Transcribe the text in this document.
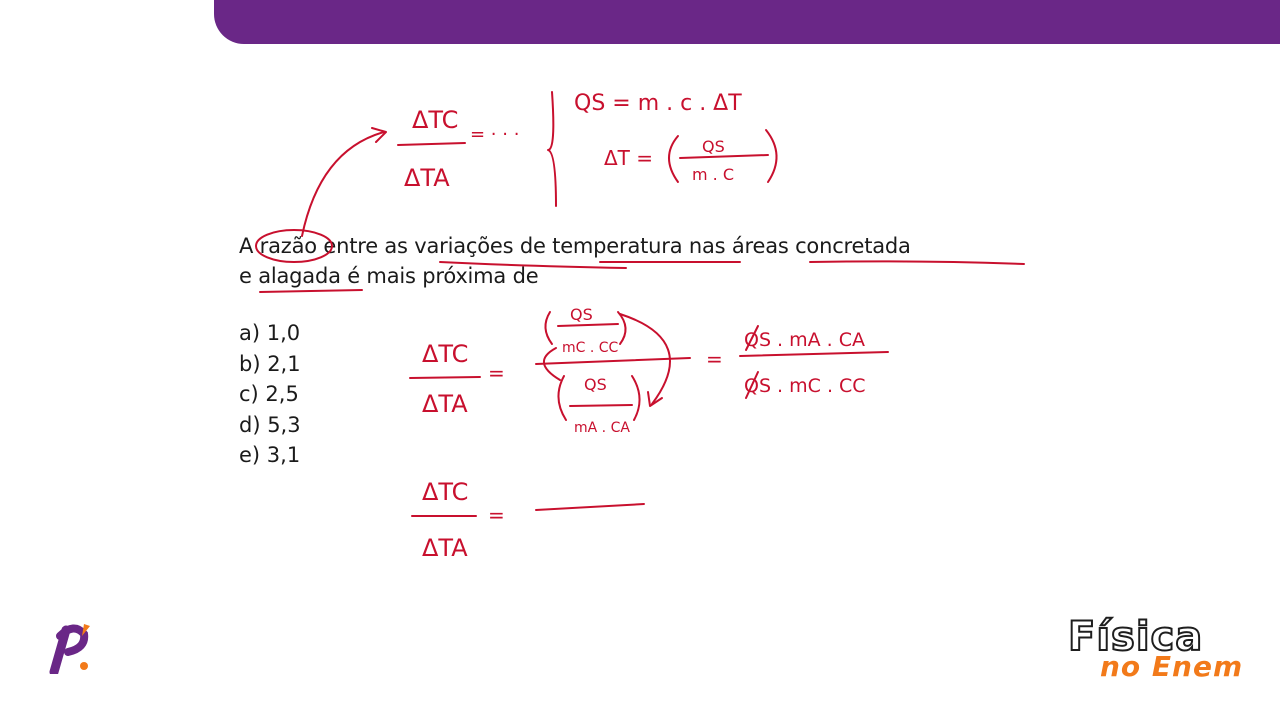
A razão entre as variações de temperatura nas áreas concretada

e alagada é mais próxima de

a) 1,0
b) 2,1
c) 2,5
d) 5,3
e) 3,1
ΔTC
ΔTA
= · · ·
QS = m . c . ΔT
ΔT =	QS
m . C
ΔTC
ΔTA
=
QS
mC . CC
QS
mA . CA
=
QS . mA . CA
QS . mC . CC
ΔTC
ΔTA
=
Física
no Enem
